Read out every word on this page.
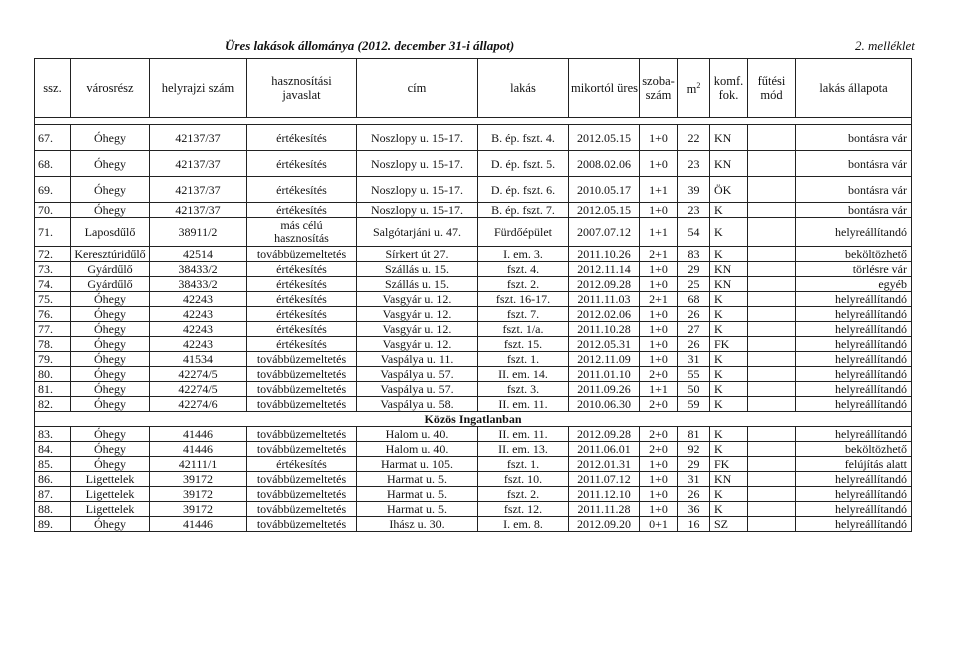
Üres lakások állománya (2012. december 31-i állapot)	2. melléklet
ssz.	városrész	helyrajzi szám	hasznosítási
javaslat	cím	lakás	mikortól üres	szoba-
szám	$m^2$	komf.
fok.	fűtési
mód	lakás állapota

67.	Óhegy	42137/37	értékesítés	Noszlopy u. 15-17.	B. ép. fszt. 4.	2012.05.15	1+0	22	KN		bontásra vár
68.	Óhegy	42137/37	értékesítés	Noszlopy u. 15-17.	D. ép. fszt. 5.	2008.02.06	1+0	23	KN		bontásra vár
69.	Óhegy	42137/37	értékesítés	Noszlopy u. 15-17.	D. ép. fszt. 6.	2010.05.17	1+1	39	ÖK		bontásra vár
70.	Óhegy	42137/37	értékesítés	Noszlopy u. 15-17.	B. ép. fszt. 7.	2012.05.15	1+0	23	K		bontásra vár
71.	Laposdűlő	38911/2	más célú
hasznosítás	Salgótarjáni u. 47.	Fürdőépület	2007.07.12	1+1	54	K		helyreállítandó
72.	Keresztúridűlő	42514	továbbüzemeltetés	Sírkert út 27.	I. em. 3.	2011.10.26	2+1	83	K		beköltözhető
73.	Gyárdűlő	38433/2	értékesítés	Szállás u. 15.	fszt. 4.	2012.11.14	1+0	29	KN		törlésre vár
74.	Gyárdűlő	38433/2	értékesítés	Szállás u. 15.	fszt. 2.	2012.09.28	1+0	25	KN		egyéb
75.	Óhegy	42243	értékesítés	Vasgyár u. 12.	fszt. 16-17.	2011.11.03	2+1	68	K		helyreállítandó
76.	Óhegy	42243	értékesítés	Vasgyár u. 12.	fszt. 7.	2012.02.06	1+0	26	K		helyreállítandó
77.	Óhegy	42243	értékesítés	Vasgyár u. 12.	fszt. 1/a.	2011.10.28	1+0	27	K		helyreállítandó
78.	Óhegy	42243	értékesítés	Vasgyár u. 12.	fszt. 15.	2012.05.31	1+0	26	FK		helyreállítandó
79.	Óhegy	41534	továbbüzemeltetés	Vaspálya u. 11.	fszt. 1.	2012.11.09	1+0	31	K		helyreállítandó
80.	Óhegy	42274/5	továbbüzemeltetés	Vaspálya u. 57.	II. em. 14.	2011.01.10	2+0	55	K		helyreállítandó
81.	Óhegy	42274/5	továbbüzemeltetés	Vaspálya u. 57.	fszt. 3.	2011.09.26	1+1	50	K		helyreállítandó
82.	Óhegy	42274/6	továbbüzemeltetés	Vaspálya u. 58.	II. em. 11.	2010.06.30	2+0	59	K		helyreállítandó
Közös Ingatlanban											
83.	Óhegy	41446	továbbüzemeltetés	Halom u. 40.	II. em. 11.	2012.09.28	2+0	81	K		helyreállítandó
84.	Óhegy	41446	továbbüzemeltetés	Halom u. 40.	II. em. 13.	2011.06.01	2+0	92	K		beköltözhető
85.	Óhegy	42111/1	értékesítés	Harmat u. 105.	fszt. 1.	2012.01.31	1+0	29	FK		felújítás alatt
86.	Ligettelek	39172	továbbüzemeltetés	Harmat u. 5.	fszt. 10.	2011.07.12	1+0	31	KN		helyreállítandó
87.	Ligettelek	39172	továbbüzemeltetés	Harmat u. 5.	fszt. 2.	2011.12.10	1+0	26	K		helyreállítandó
88.	Ligettelek	39172	továbbüzemeltetés	Harmat u. 5.	fszt. 12.	2011.11.28	1+0	36	K		helyreállítandó
89.	Óhegy	41446	továbbüzemeltetés	Ihász u. 30.	I. em. 8.	2012.09.20	0+1	16	SZ		helyreállítandó
